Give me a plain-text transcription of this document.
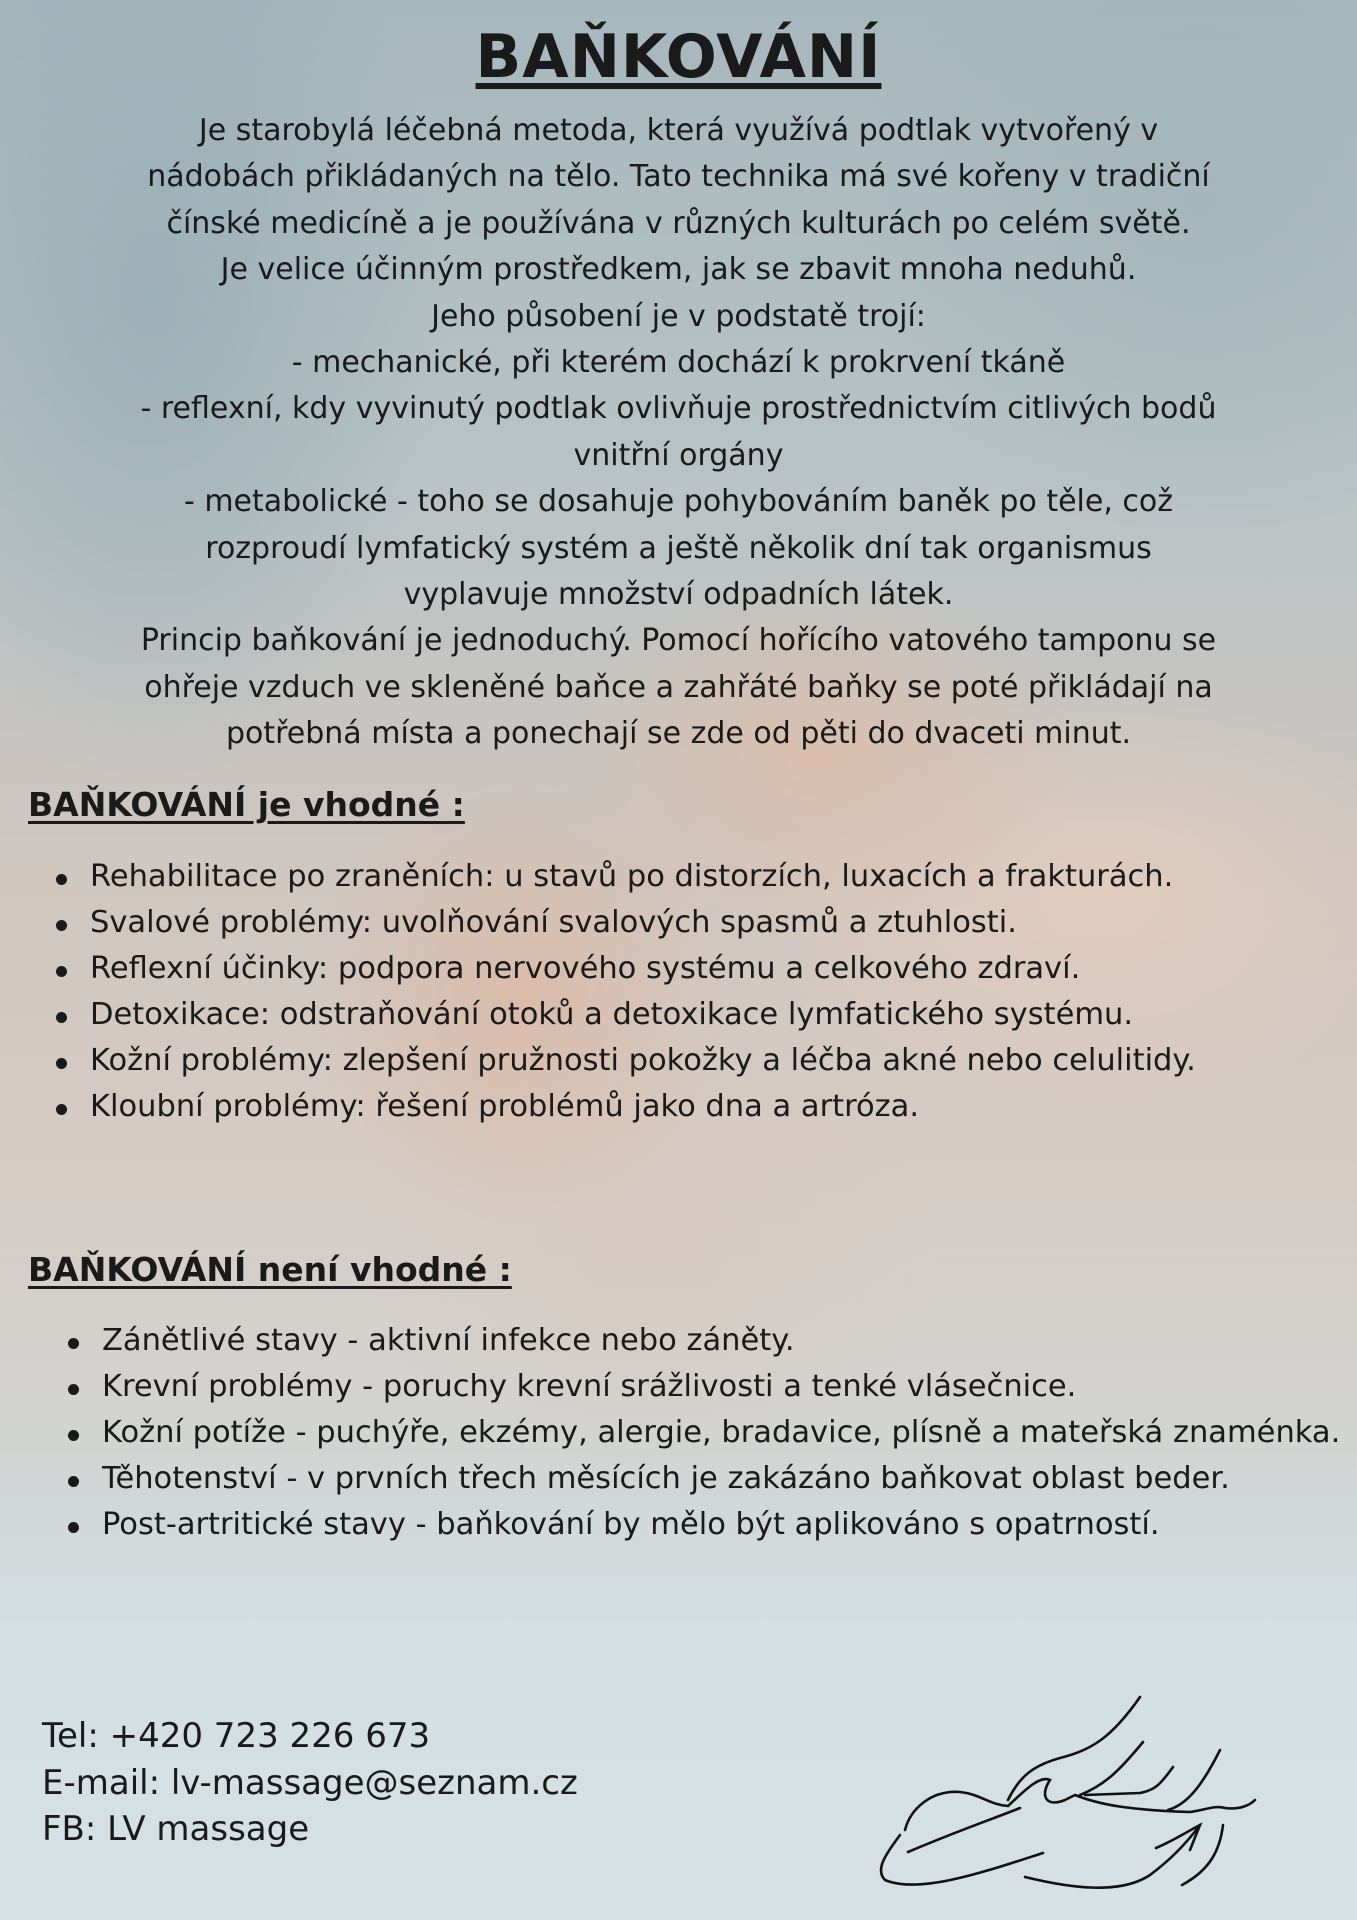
BAŇKOVÁNÍ
Je starobylá léčebná metoda, která využívá podtlak vytvořený v
nádobách přikládaných na tělo. Tato technika má své kořeny v tradiční
čínské medicíně a je používána v různých kulturách po celém světě.
Je velice účinným prostředkem, jak se zbavit mnoha neduhů.
Jeho působení je v podstatě trojí:
- mechanické, při kterém dochází k prokrvení tkáně
- reflexní, kdy vyvinutý podtlak ovlivňuje prostřednictvím citlivých bodů
vnitřní orgány
- metabolické - toho se dosahuje pohybováním baněk po těle, což
rozproudí lymfatický systém a ještě několik dní tak organismus
vyplavuje množství odpadních látek.
Princip baňkování je jednoduchý. Pomocí hořícího vatového tamponu se
ohřeje vzduch ve skleněné baňce a zahřáté baňky se poté přikládají na
potřebná místa a ponechají se zde od pěti do dvaceti minut.
BAŇKOVÁNÍ je vhodné :
Rehabilitace po zraněních: u stavů po distorzích, luxacích a frakturách.
Svalové problémy: uvolňování svalových spasmů a ztuhlosti.
Reflexní účinky: podpora nervového systému a celkového zdraví.
Detoxikace: odstraňování otoků a detoxikace lymfatického systému.
Kožní problémy: zlepšení pružnosti pokožky a léčba akné nebo celulitidy.
Kloubní problémy: řešení problémů jako dna a artróza.
BAŇKOVÁNÍ není vhodné :
Zánětlivé stavy - aktivní infekce nebo záněty.
Krevní problémy - poruchy krevní srážlivosti a tenké vlásečnice.
Kožní potíže - puchýře, ekzémy, alergie, bradavice, plísně a mateřská znaménka.
Těhotenství - v prvních třech měsících je zakázáno baňkovat oblast beder.
Post-artritické stavy - baňkování by mělo být aplikováno s opatrností.
Tel: +420 723 226 673
E-mail: lv-massage@seznam.cz
FB: LV massage
